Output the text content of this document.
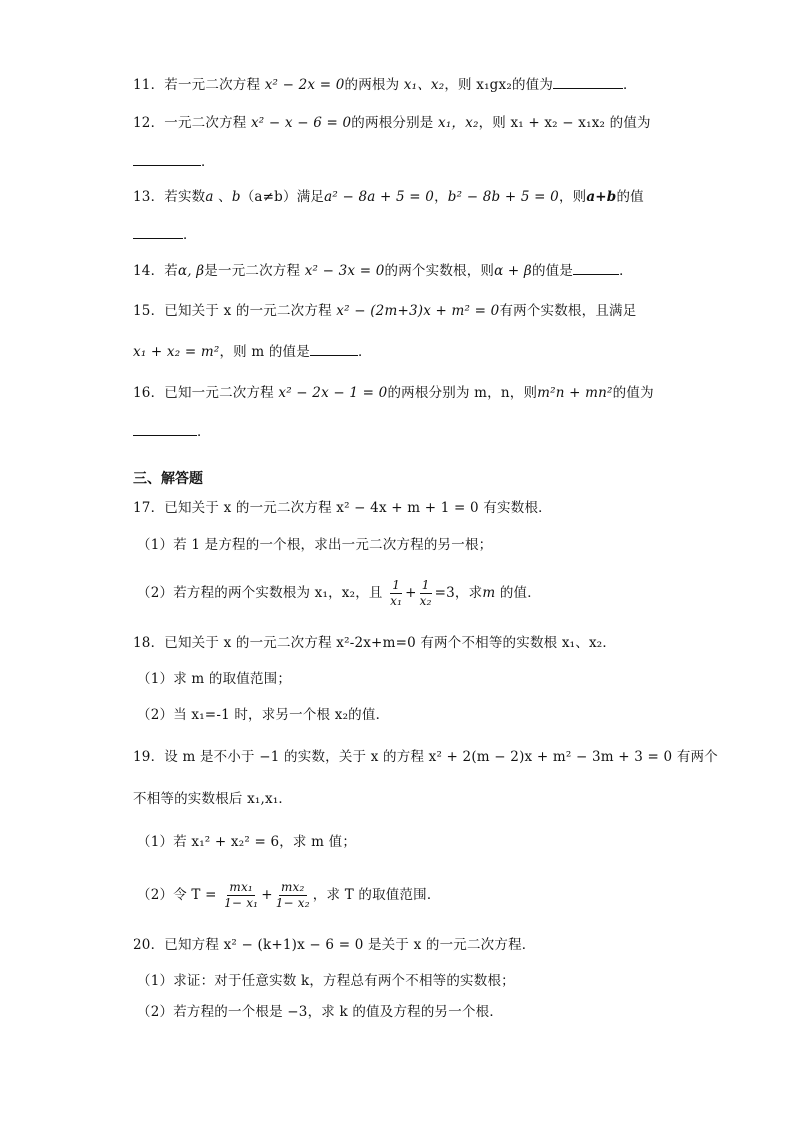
11．若一元二次方程 x² − 2x = 0的两根为 x₁、x₂，则 x₁gx₂的值为	．
12．一元二次方程 x² − x − 6 = 0的两根分别是 x₁，x₂，则 x₁ + x₂ − x₁x₂ 的值为
．
13．若实数a 、b（a≠b）满足a² − 8a + 5 = 0，b² − 8b + 5 = 0，则a+b的值
．
14．若α, β是一元二次方程 x² − 3x = 0的两个实数根，则α + β的值是	．
15．已知关于 x 的一元二次方程 x² − (2m+3)x + m² = 0有两个实数根，且满足
x₁ + x₂ = m²，则 m 的值是	．
16．已知一元二次方程 x² − 2x − 1 = 0的两根分别为 m，n，则m²n + mn²的值为
．
三、解答题
17．已知关于 x 的一元二次方程 x² − 4x + m + 1 = 0 有实数根．
（1）若 1 是方程的一个根，求出一元二次方程的另一根；
（2）若方程的两个实数根为 x₁，x₂，且 $\frac{1}{\text{x₁}} + \frac{1}{\text{x₂}} =3$，求m 的值．
18．已知关于 x 的一元二次方程 x²-2x+m=0 有两个不相等的实数根 x₁、x₂．
（1）求 m 的取值范围；
（2）当 x₁=-1 时，求另一个根 x₂的值．
19．设 m 是不小于 −1 的实数，关于 x 的方程 x² + 2(m − 2)x + m² − 3m + 3 = 0 有两个
不相等的实数根后 x₁,x₁．
（1）若 x₁² + x₂² = 6，求 m 值；
（2）令 $T = \frac{\text{mx₁}}{\text{1− x₁}} + \frac{\text{mx₂}}{\text{1− x₂}}$ ，求 T 的取值范围．
20．已知方程 x² − (k+1)x − 6 = 0 是关于 x 的一元二次方程．
（1）求证：对于任意实数 k，方程总有两个不相等的实数根；
（2）若方程的一个根是 −3，求 k 的值及方程的另一个根．
